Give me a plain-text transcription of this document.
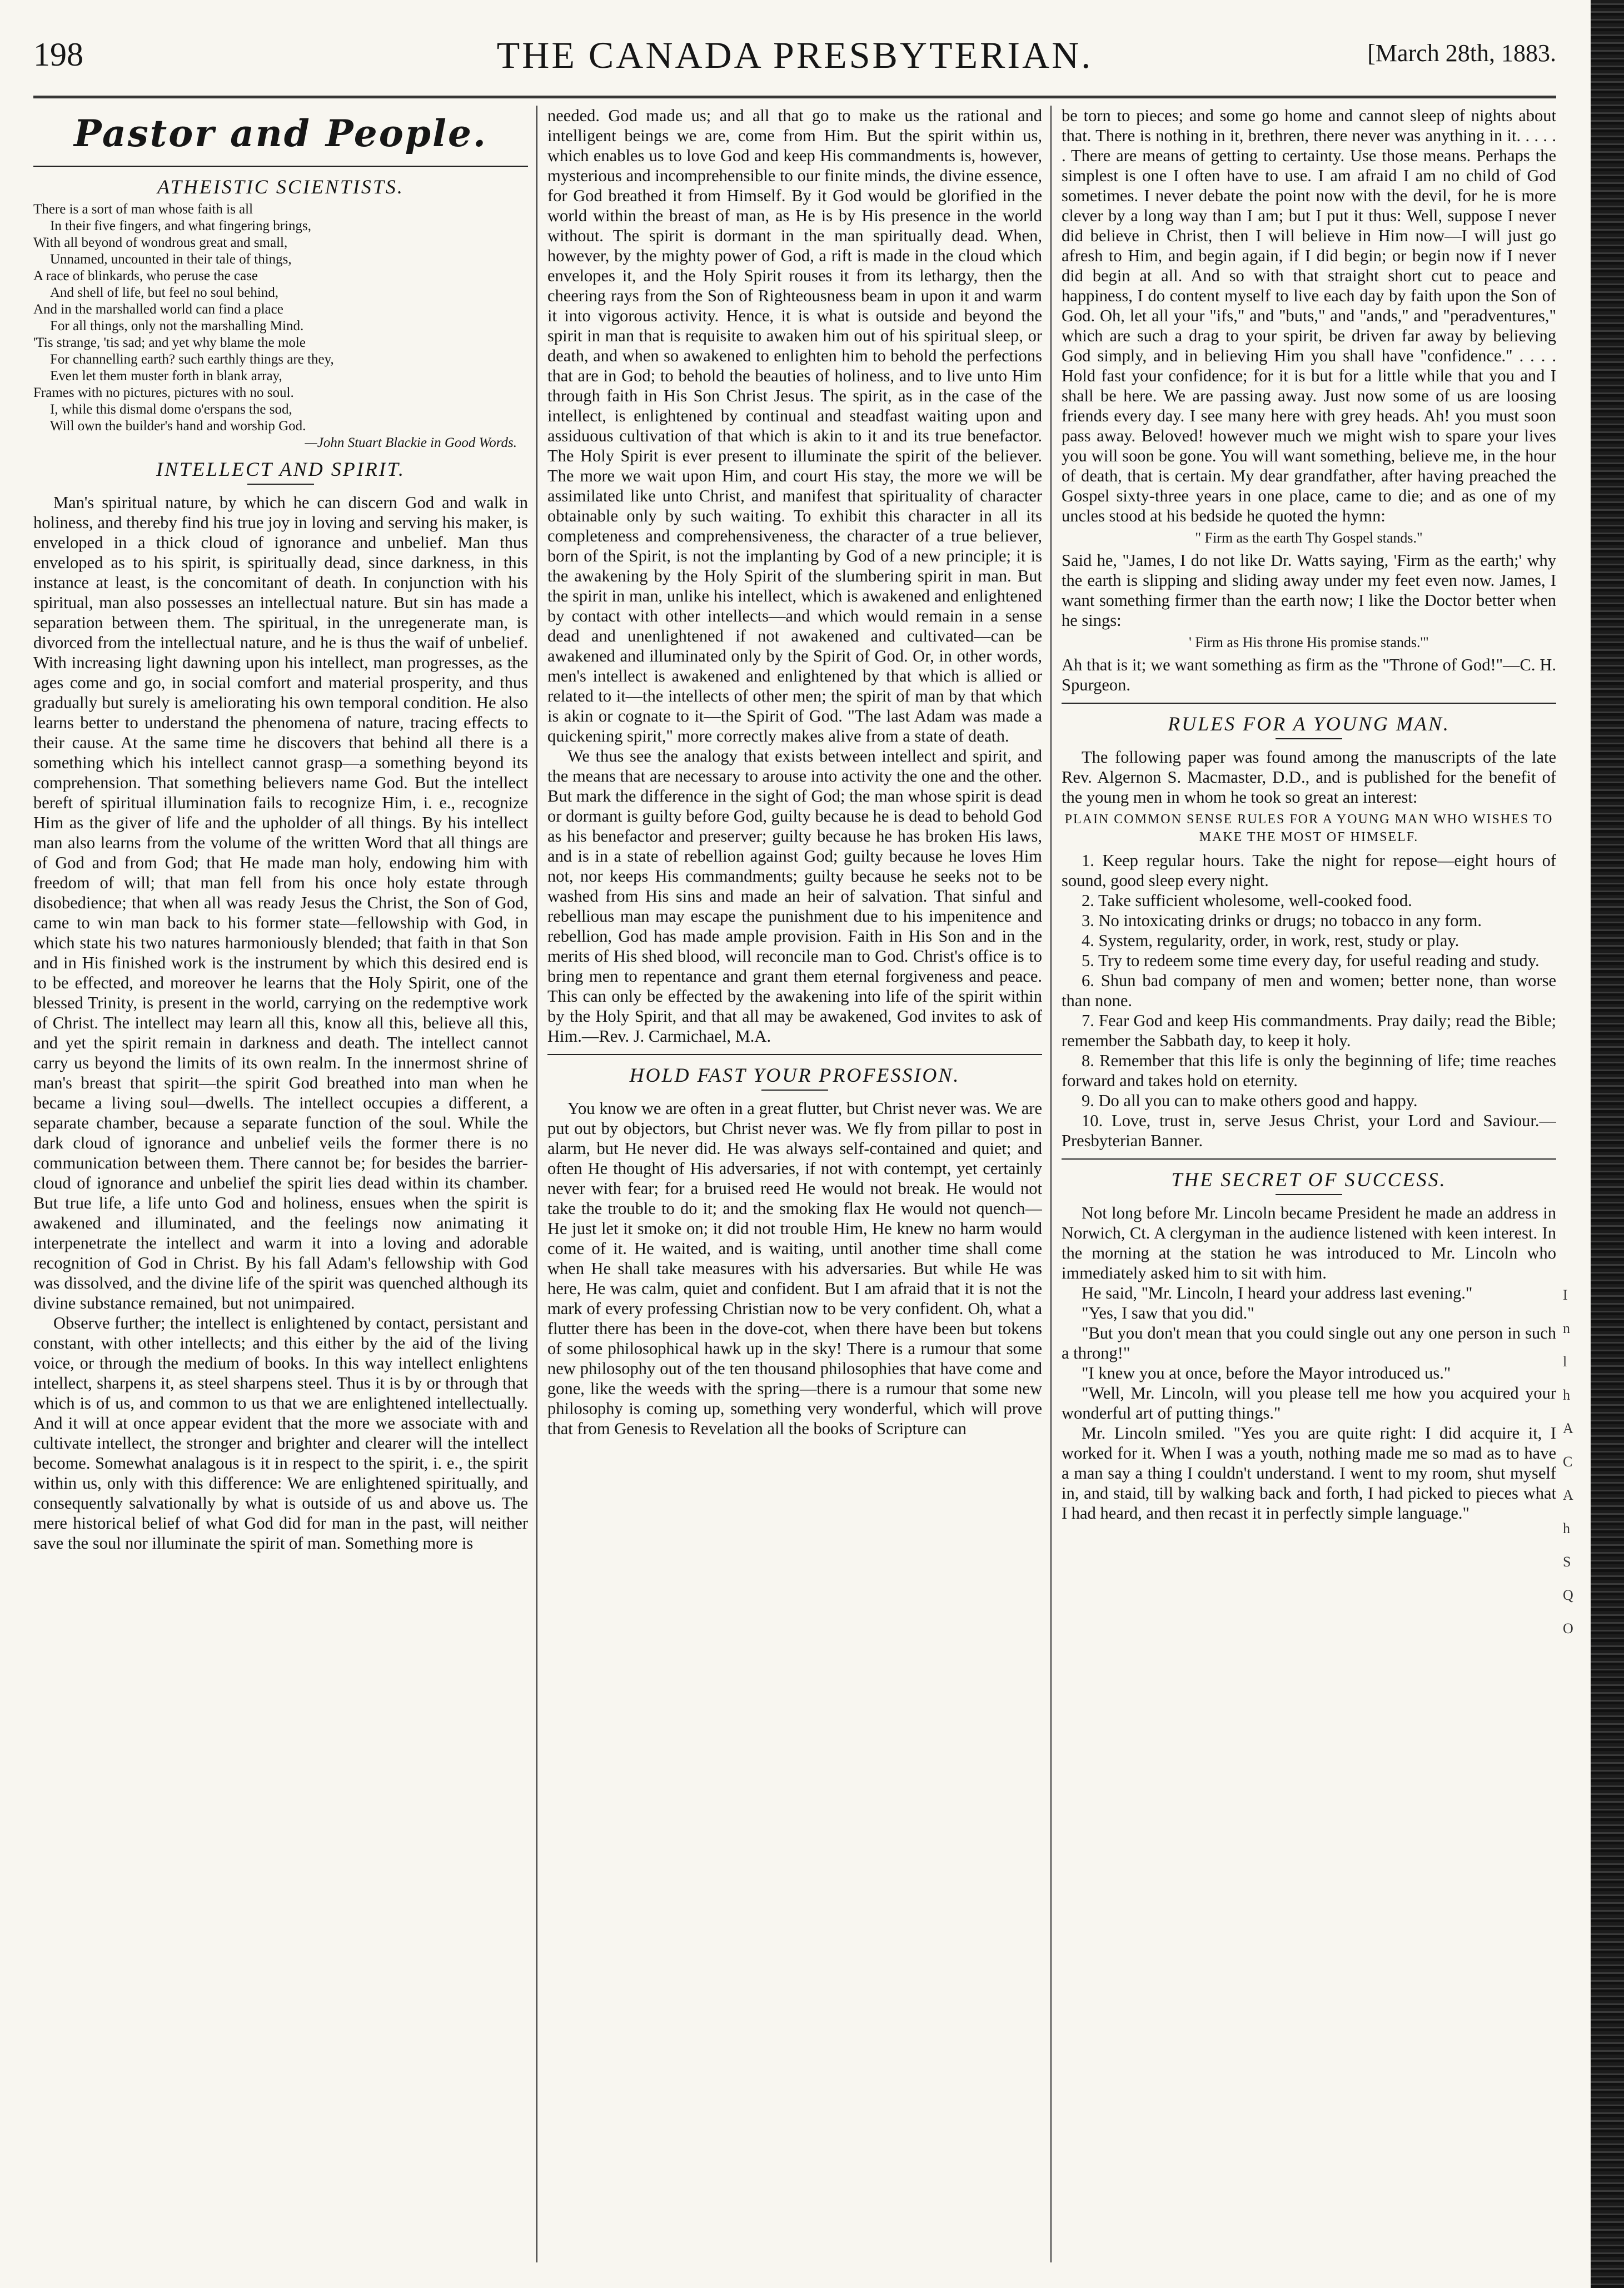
198	THE CANADA PRESBYTERIAN.	[March 28th, 1883.
Pastor and People.
ATHEISTIC SCIENTISTS.
There is a sort of man whose faith is all
In their five fingers, and what fingering brings,
With all beyond of wondrous great and small,
Unnamed, uncounted in their tale of things,
A race of blinkards, who peruse the case
And shell of life, but feel no soul behind,
And in the marshalled world can find a place
For all things, only not the marshalling Mind.
'Tis strange, 'tis sad; and yet why blame the mole
For channelling earth? such earthly things are they,
Even let them muster forth in blank array,
Frames with no pictures, pictures with no soul.
I, while this dismal dome o'erspans the sod,
Will own the builder's hand and worship God.
—John Stuart Blackie in Good Words.
INTELLECT AND SPIRIT.

Man's spiritual nature, by which he can discern God and walk in holiness, and thereby find his true joy in loving and serving his maker, is enveloped in a thick cloud of ignorance and unbelief. Man thus enveloped as to his spirit, is spiritually dead, since darkness, in this instance at least, is the concomitant of death. In conjunction with his spiritual, man also possesses an intellectual nature. But sin has made a separation between them. The spiritual, in the unregenerate man, is divorced from the intellectual nature, and he is thus the waif of unbelief. With increasing light dawning upon his intellect, man progresses, as the ages come and go, in social comfort and material prosperity, and thus gradually but surely is ameliorating his own temporal condition. He also learns better to understand the phenomena of nature, tracing effects to their cause. At the same time he discovers that behind all there is a something which his intellect cannot grasp—a something beyond its comprehension. That something believers name God. But the intellect bereft of spiritual illumination fails to recognize Him, i. e., recognize Him as the giver of life and the upholder of all things. By his intellect man also learns from the volume of the written Word that all things are of God and from God; that He made man holy, endowing him with freedom of will; that man fell from his once holy estate through disobedience; that when all was ready Jesus the Christ, the Son of God, came to win man back to his former state—fellowship with God, in which state his two natures harmoniously blended; that faith in that Son and in His finished work is the instrument by which this desired end is to be effected, and moreover he learns that the Holy Spirit, one of the blessed Trinity, is present in the world, carrying on the redemptive work of Christ. The intellect may learn all this, know all this, believe all this, and yet the spirit remain in darkness and death. The intellect cannot carry us beyond the limits of its own realm. In the innermost shrine of man's breast that spirit—the spirit God breathed into man when he became a living soul—dwells. The intellect occupies a different, a separate chamber, because a separate function of the soul. While the dark cloud of ignorance and unbelief veils the former there is no communication between them. There cannot be; for besides the barrier-cloud of ignorance and unbelief the spirit lies dead within its chamber. But true life, a life unto God and holiness, ensues when the spirit is awakened and illuminated, and the feelings now animating it interpenetrate the intellect and warm it into a loving and adorable recognition of God in Christ. By his fall Adam's fellowship with God was dissolved, and the divine life of the spirit was quenched although its divine substance remained, but not unimpaired.

Observe further; the intellect is enlightened by contact, persistant and constant, with other intellects; and this either by the aid of the living voice, or through the medium of books. In this way intellect enlightens intellect, sharpens it, as steel sharpens steel. Thus it is by or through that which is of us, and common to us that we are enlightened intellectually. And it will at once appear evident that the more we associate with and cultivate intellect, the stronger and brighter and clearer will the intellect become. Somewhat analagous is it in respect to the spirit, i. e., the spirit within us, only with this difference: We are enlightened spiritually, and consequently salvationally by what is outside of us and above us. The mere historical belief of what God did for man in the past, will neither save the soul nor illuminate the spirit of man. Something more is

needed. God made us; and all that go to make us the rational and intelligent beings we are, come from Him. But the spirit within us, which enables us to love God and keep His commandments is, however, mysterious and incomprehensible to our finite minds, the divine essence, for God breathed it from Himself. By it God would be glorified in the world within the breast of man, as He is by His presence in the world without. The spirit is dormant in the man spiritually dead. When, however, by the mighty power of God, a rift is made in the cloud which envelopes it, and the Holy Spirit rouses it from its lethargy, then the cheering rays from the Son of Righteousness beam in upon it and warm it into vigorous activity. Hence, it is what is outside and beyond the spirit in man that is requisite to awaken him out of his spiritual sleep, or death, and when so awakened to enlighten him to behold the perfections that are in God; to behold the beauties of holiness, and to live unto Him through faith in His Son Christ Jesus. The spirit, as in the case of the intellect, is enlightened by continual and steadfast waiting upon and assiduous cultivation of that which is akin to it and its true benefactor. The Holy Spirit is ever present to illuminate the spirit of the believer. The more we wait upon Him, and court His stay, the more we will be assimilated like unto Christ, and manifest that spirituality of character obtainable only by such waiting. To exhibit this character in all its completeness and comprehensiveness, the character of a true believer, born of the Spirit, is not the implanting by God of a new principle; it is the awakening by the Holy Spirit of the slumbering spirit in man. But the spirit in man, unlike his intellect, which is awakened and enlightened by contact with other intellects—and which would remain in a sense dead and unenlightened if not awakened and cultivated—can be awakened and illuminated only by the Spirit of God. Or, in other words, men's intellect is awakened and enlightened by that which is allied or related to it—the intellects of other men; the spirit of man by that which is akin or cognate to it—the Spirit of God. "The last Adam was made a quickening spirit," more correctly makes alive from a state of death.

We thus see the analogy that exists between intellect and spirit, and the means that are necessary to arouse into activity the one and the other. But mark the difference in the sight of God; the man whose spirit is dead or dormant is guilty before God, guilty because he is dead to behold God as his benefactor and preserver; guilty because he has broken His laws, and is in a state of rebellion against God; guilty because he loves Him not, nor keeps His commandments; guilty because he seeks not to be washed from His sins and made an heir of salvation. That sinful and rebellious man may escape the punishment due to his impenitence and rebellion, God has made ample provision. Faith in His Son and in the merits of His shed blood, will reconcile man to God. Christ's office is to bring men to repentance and grant them eternal forgiveness and peace. This can only be effected by the awakening into life of the spirit within by the Holy Spirit, and that all may be awakened, God invites to ask of Him.—Rev. J. Carmichael, M.A.

HOLD FAST YOUR PROFESSION.

You know we are often in a great flutter, but Christ never was. We are put out by objectors, but Christ never was. We fly from pillar to post in alarm, but He never did. He was always self-contained and quiet; and often He thought of His adversaries, if not with contempt, yet certainly never with fear; for a bruised reed He would not break. He would not take the trouble to do it; and the smoking flax He would not quench—He just let it smoke on; it did not trouble Him, He knew no harm would come of it. He waited, and is waiting, until another time shall come when He shall take measures with his adversaries. But while He was here, He was calm, quiet and confident. But I am afraid that it is not the mark of every professing Christian now to be very confident. Oh, what a flutter there has been in the dove-cot, when there have been but tokens of some philosophical hawk up in the sky! There is a rumour that some new philosophy out of the ten thousand philosophies that have come and gone, like the weeds with the spring—there is a rumour that some new philosophy is coming up, something very wonderful, which will prove that from Genesis to Revelation all the books of Scripture can

be torn to pieces; and some go home and cannot sleep of nights about that. There is nothing in it, brethren, there never was anything in it. . . . . . There are means of getting to certainty. Use those means. Perhaps the simplest is one I often have to use. I am afraid I am no child of God sometimes. I never debate the point now with the devil, for he is more clever by a long way than I am; but I put it thus: Well, suppose I never did believe in Christ, then I will believe in Him now—I will just go afresh to Him, and begin again, if I did begin; or begin now if I never did begin at all. And so with that straight short cut to peace and happiness, I do content myself to live each day by faith upon the Son of God. Oh, let all your "ifs," and "buts," and "ands," and "peradventures," which are such a drag to your spirit, be driven far away by believing God simply, and in believing Him you shall have "confidence." . . . . Hold fast your confidence; for it is but for a little while that you and I shall be here. We are passing away. Just now some of us are loosing friends every day. I see many here with grey heads. Ah! you must soon pass away. Beloved! however much we might wish to spare your lives you will soon be gone. You will want something, believe me, in the hour of death, that is certain. My dear grandfather, after having preached the Gospel sixty-three years in one place, came to die; and as one of my uncles stood at his bedside he quoted the hymn:

" Firm as the earth Thy Gospel stands."

Said he, "James, I do not like Dr. Watts saying, 'Firm as the earth;' why the earth is slipping and sliding away under my feet even now. James, I want something firmer than the earth now; I like the Doctor better when he sings:

' Firm as His throne His promise stands.'"

Ah that is it; we want something as firm as the "Throne of God!"—C. H. Spurgeon.

RULES FOR A YOUNG MAN.

The following paper was found among the manuscripts of the late Rev. Algernon S. Macmaster, D.D., and is published for the benefit of the young men in whom he took so great an interest:

PLAIN COMMON SENSE RULES FOR A YOUNG MAN WHO WISHES TO MAKE THE MOST OF HIMSELF.

1. Keep regular hours. Take the night for repose—eight hours of sound, good sleep every night.
2. Take sufficient wholesome, well-cooked food.
3. No intoxicating drinks or drugs; no tobacco in any form.
4. System, regularity, order, in work, rest, study or play.
5. Try to redeem some time every day, for useful reading and study.
6. Shun bad company of men and women; better none, than worse than none.
7. Fear God and keep His commandments. Pray daily; read the Bible; remember the Sabbath day, to keep it holy.
8. Remember that this life is only the beginning of life; time reaches forward and takes hold on eternity.
9. Do all you can to make others good and happy.
10. Love, trust in, serve Jesus Christ, your Lord and Saviour.—Presbyterian Banner.
THE SECRET OF SUCCESS.

Not long before Mr. Lincoln became President he made an address in Norwich, Ct. A clergyman in the audience listened with keen interest. In the morning at the station he was introduced to Mr. Lincoln who immediately asked him to sit with him.

He said, "Mr. Lincoln, I heard your address last evening."

"Yes, I saw that you did."

"But you don't mean that you could single out any one person in such a throng!"

"I knew you at once, before the Mayor introduced us."

"Well, Mr. Lincoln, will you please tell me how you acquired your wonderful art of putting things."

Mr. Lincoln smiled. "Yes you are quite right: I did acquire it, I worked for it. When I was a youth, nothing made me so mad as to have a man say a thing I couldn't understand. I went to my room, shut myself in, and staid, till by walking back and forth, I had picked to pieces what I had heard, and then recast it in perfectly simple language."

I
n
l
h
A
C
A
h
S
Q
O
